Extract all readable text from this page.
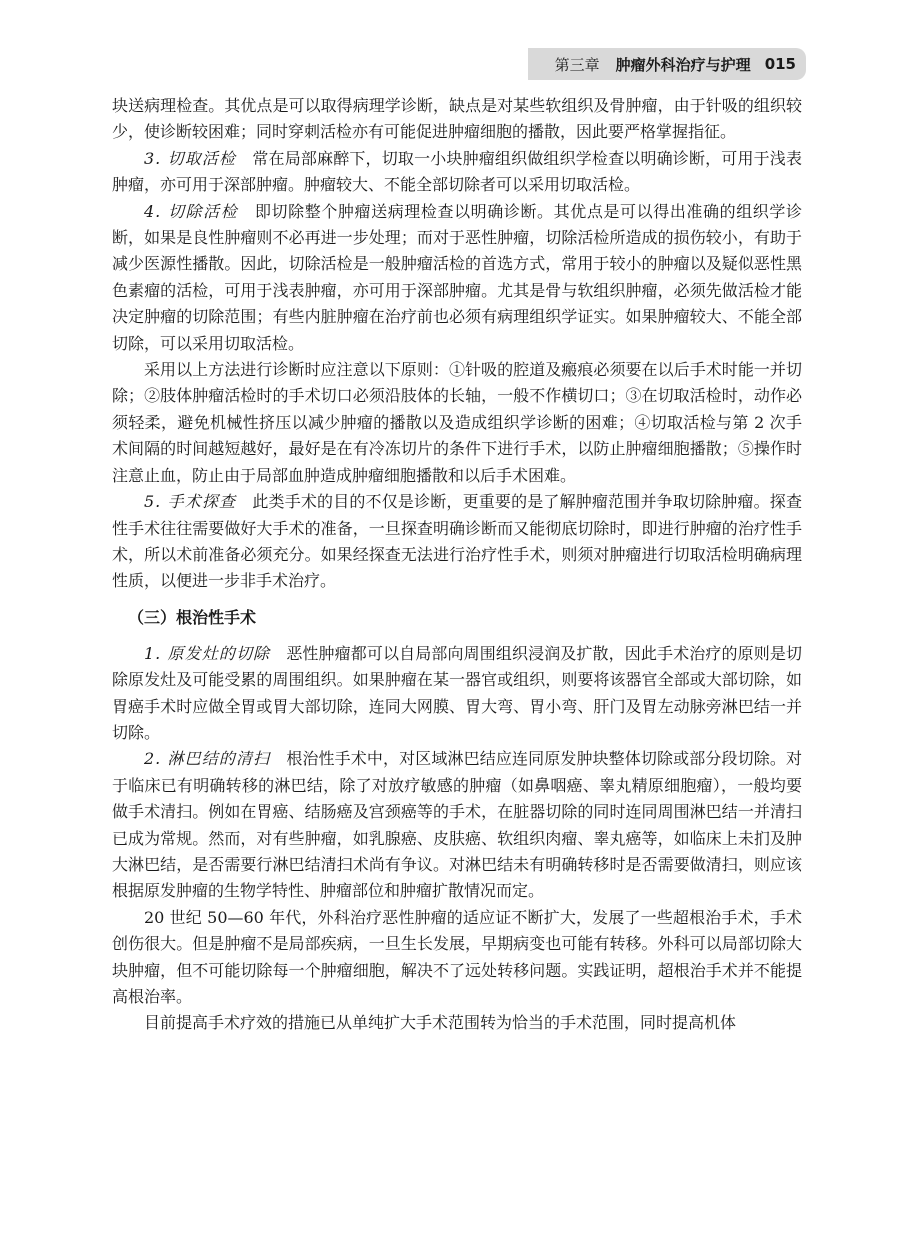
第三章 肿瘤外科治疗与护理 015

块送病理检查。其优点是可以取得病理学诊断，缺点是对某些软组织及骨肿瘤，由于针吸的组织较少，使诊断较困难；同时穿刺活检亦有可能促进肿瘤细胞的播散，因此要严格掌握指征。

3. 切取活检　 常在局部麻醉下，切取一小块肿瘤组织做组织学检查以明确诊断，可用于浅表肿瘤，亦可用于深部肿瘤。肿瘤较大、不能全部切除者可以采用切取活检。

4. 切除活检　 即切除整个肿瘤送病理检查以明确诊断。其优点是可以得出准确的组织学诊断，如果是良性肿瘤则不必再进一步处理；而对于恶性肿瘤，切除活检所造成的损伤较小，有助于减少医源性播散。因此，切除活检是一般肿瘤活检的首选方式，常用于较小的肿瘤以及疑似恶性黑色素瘤的活检，可用于浅表肿瘤，亦可用于深部肿瘤。尤其是骨与软组织肿瘤，必须先做活检才能决定肿瘤的切除范围；有些内脏肿瘤在治疗前也必须有病理组织学证实。如果肿瘤较大、不能全部切除，可以采用切取活检。

采用以上方法进行诊断时应注意以下原则：①针吸的腔道及瘢痕必须要在以后手术时能一并切除；②肢体肿瘤活检时的手术切口必须沿肢体的长轴，一般不作横切口；③在切取活检时，动作必须轻柔，避免机械性挤压以减少肿瘤的播散以及造成组织学诊断的困难；④切取活检与第 2 次手术间隔的时间越短越好，最好是在有冷冻切片的条件下进行手术，以防止肿瘤细胞播散；⑤操作时注意止血，防止由于局部血肿造成肿瘤细胞播散和以后手术困难。

5. 手术探查　 此类手术的目的不仅是诊断，更重要的是了解肿瘤范围并争取切除肿瘤。探查性手术往往需要做好大手术的准备，一旦探查明确诊断而又能彻底切除时，即进行肿瘤的治疗性手术，所以术前准备必须充分。如果经探查无法进行治疗性手术，则须对肿瘤进行切取活检明确病理性质，以便进一步非手术治疗。

（三）根治性手术

1. 原发灶的切除　 恶性肿瘤都可以自局部向周围组织浸润及扩散，因此手术治疗的原则是切除原发灶及可能受累的周围组织。如果肿瘤在某一器官或组织，则要将该器官全部或大部切除，如胃癌手术时应做全胃或胃大部切除，连同大网膜、胃大弯、胃小弯、肝门及胃左动脉旁淋巴结一并切除。

2. 淋巴结的清扫　 根治性手术中，对区域淋巴结应连同原发肿块整体切除或部分段切除。对于临床已有明确转移的淋巴结，除了对放疗敏感的肿瘤（如鼻咽癌、睾丸精原细胞瘤），一般均要做手术清扫。例如在胃癌、结肠癌及宫颈癌等的手术，在脏器切除的同时连同周围淋巴结一并清扫已成为常规。然而，对有些肿瘤，如乳腺癌、皮肤癌、软组织肉瘤、睾丸癌等，如临床上未扪及肿大淋巴结，是否需要行淋巴结清扫术尚有争议。对淋巴结未有明确转移时是否需要做清扫，则应该根据原发肿瘤的生物学特性、肿瘤部位和肿瘤扩散情况而定。

20 世纪 50—60 年代，外科治疗恶性肿瘤的适应证不断扩大，发展了一些超根治手术，手术创伤很大。但是肿瘤不是局部疾病，一旦生长发展，早期病变也可能有转移。外科可以局部切除大块肿瘤，但不可能切除每一个肿瘤细胞，解决不了远处转移问题。实践证明，超根治手术并不能提高根治率。

目前提高手术疗效的措施已从单纯扩大手术范围转为恰当的手术范围，同时提高机体
